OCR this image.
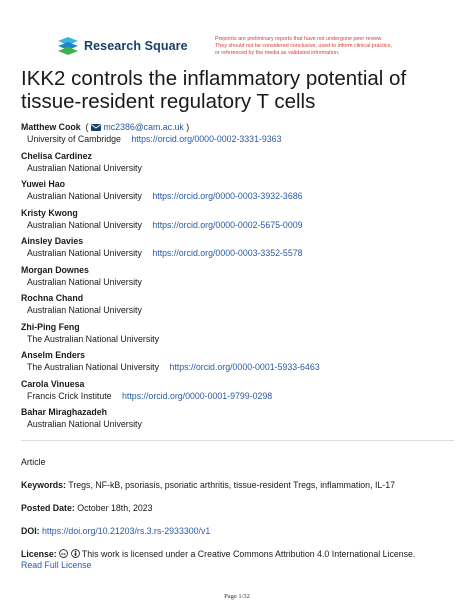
Research Square	Preprints are preliminary reports that have not undergone peer review.
They should not be considered conclusive, used to inform clinical practice,
or referenced by the media as validated information.
IKK2 controls the inflammatory potential of tissue-resident regulatory T cells
Matthew Cook  ( mc2386@cam.ac.uk )
University of Cambridge https://orcid.org/0000-0002-3331-9363
Chelisa Cardinez
Australian National University
Yuwei Hao
Australian National University https://orcid.org/0000-0003-3932-3686
Kristy Kwong
Australian National University https://orcid.org/0000-0002-5675-0009
Ainsley Davies
Australian National University https://orcid.org/0000-0003-3352-5578
Morgan Downes
Australian National University
Rochna Chand
Australian National University
Zhi-Ping Feng
The Australian National University
Anselm Enders
The Australian National University https://orcid.org/0000-0001-5933-6463
Carola Vinuesa
Francis Crick Institute https://orcid.org/0000-0001-9799-0298
Bahar Miraghazadeh
Australian National University
Article
Keywords: Tregs, NF-kB, psoriasis, psoriatic arthritis, tissue-resident Tregs, inflammation, IL-17
Posted Date: October 18th, 2023
DOI: https://doi.org/10.21203/rs.3.rs-2933300/v1
License: cc This work is licensed under a Creative Commons Attribution 4.0 International License.
Read Full License
Page 1/32
